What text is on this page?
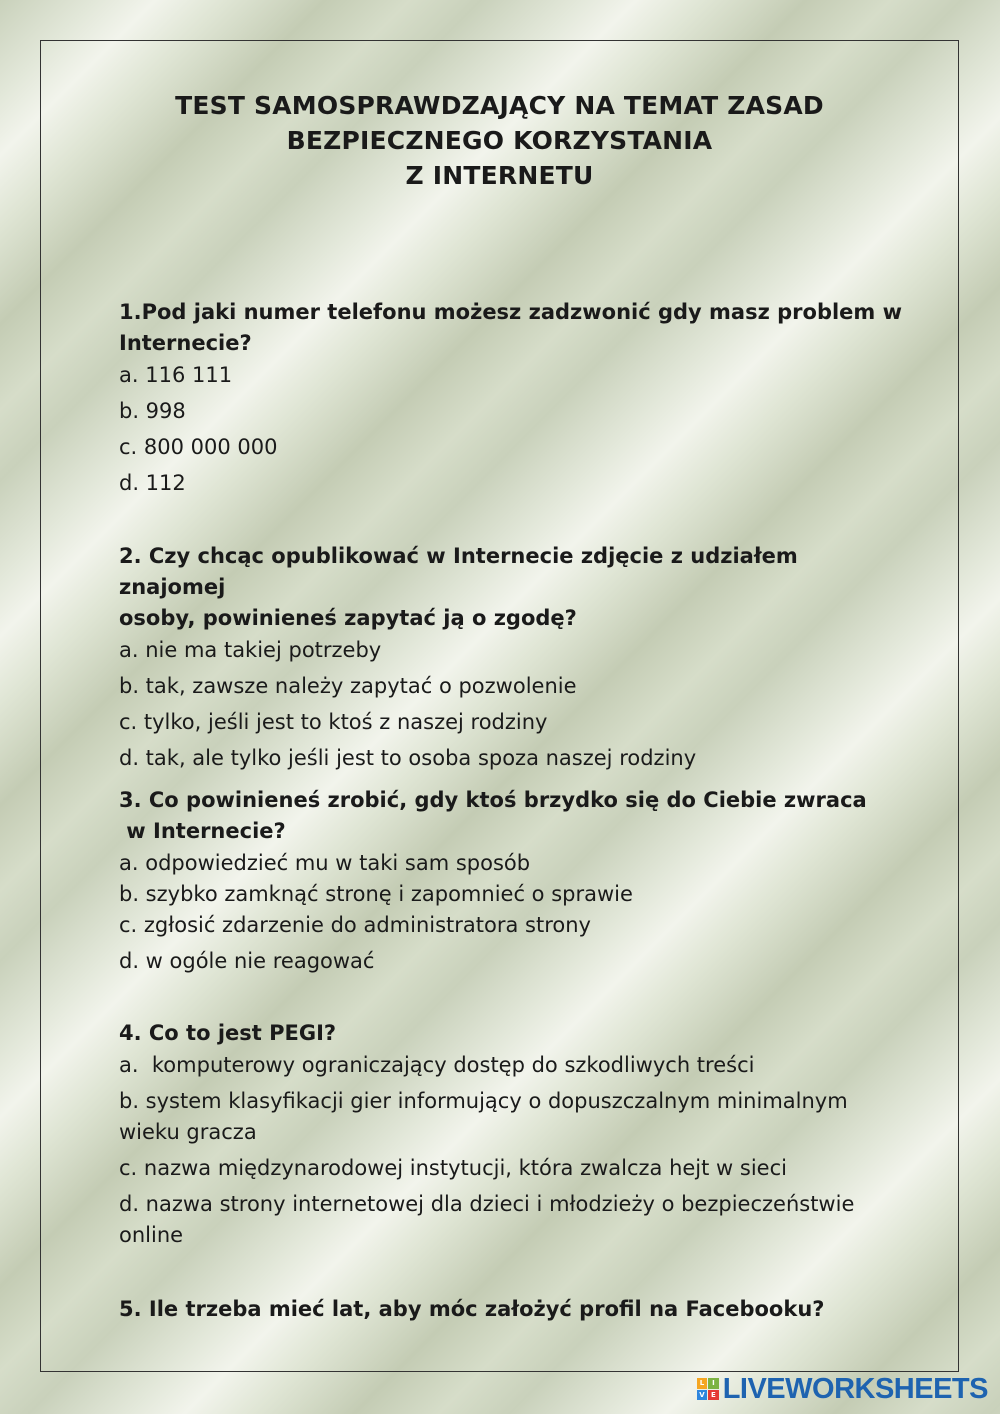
TEST SAMOSPRAWDZAJĄCY NA TEMAT ZASAD
BEZPIECZNEGO KORZYSTANIA
Z INTERNETU
1.Pod jaki numer telefonu możesz zadzwonić gdy masz problem w
Internecie?
a. 116 111
b. 998
c. 800 000 000
d. 112
2. Czy chcąc opublikować w Internecie zdjęcie z udziałem znajomej
osoby, powinieneś zapytać ją o zgodę?
a. nie ma takiej potrzeby
b. tak, zawsze należy zapytać o pozwolenie
c. tylko, jeśli jest to ktoś z naszej rodziny
d. tak, ale tylko jeśli jest to osoba spoza naszej rodziny
3. Co powinieneś zrobić, gdy ktoś brzydko się do Ciebie zwraca
w Internecie?
a. odpowiedzieć mu w taki sam sposób
b. szybko zamknąć stronę i zapomnieć o sprawie
c. zgłosić zdarzenie do administratora strony
d. w ogóle nie reagować
4. Co to jest PEGI?
a.  komputerowy ograniczający dostęp do szkodliwych treści
b. system klasyfikacji gier informujący o dopuszczalnym minimalnym wieku gracza
c. nazwa międzynarodowej instytucji, która zwalcza hejt w sieci
d. nazwa strony internetowej dla dzieci i młodzieży o bezpieczeństwie online
5. Ile trzeba mieć lat, aby móc założyć profil na Facebooku?
L	I
V E LIVEWORKSHEETS
